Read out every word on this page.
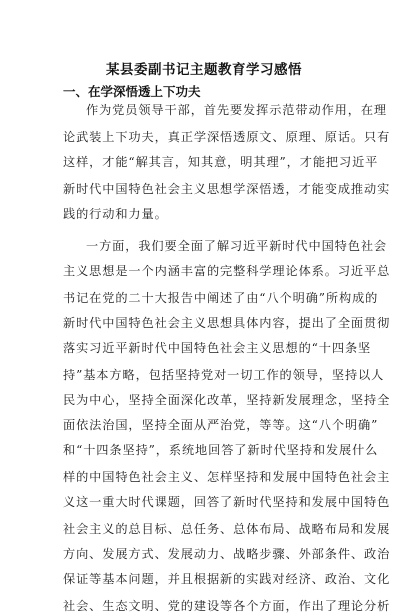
某县委副书记主题教育学习感悟
一、在学深悟透上下功夫
作为党员领导干部，首先要发挥示范带动作用，在理
论武装上下功夫，真正学深悟透原文、原理、原话。只有
这样，才能“解其言，知其意，明其理”，才能把习近平
新时代中国特色社会主义思想学深悟透，才能变成推动实
践的行动和力量。
一方面，我们要全面了解习近平新时代中国特色社会
主义思想是一个内涵丰富的完整科学理论体系。习近平总
书记在党的二十大报告中阐述了由“八个明确”所构成的
新时代中国特色社会主义思想具体内容，提出了全面贯彻
落实习近平新时代中国特色社会主义思想的“十四条坚
持”基本方略，包括坚持党对一切工作的领导，坚持以人
民为中心，坚持全面深化改革，坚持新发展理念，坚持全
面依法治国，坚持全面从严治党，等等。这“八个明确”
和“十四条坚持”，系统地回答了新时代坚持和发展什么
样的中国特色社会主义、怎样坚持和发展中国特色社会主
义这一重大时代课题，回答了新时代坚持和发展中国特色
社会主义的总目标、总任务、总体布局、战略布局和发展
方向、发展方式、发展动力、战略步骤、外部条件、政治
保证等基本问题，并且根据新的实践对经济、政治、文化
社会、生态文明、党的建设等各个方面，作出了理论分析
